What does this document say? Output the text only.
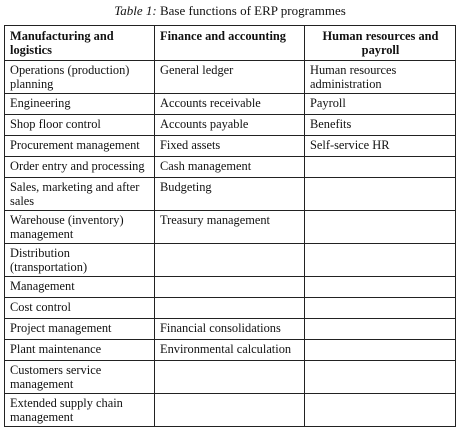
Table 1: Base functions of ERP programmes
Manufacturing and logistics	Finance and accounting	Human resources and payroll
Operations (production) planning	General ledger	Human resources administration
Engineering	Accounts receivable	Payroll
Shop floor control	Accounts payable	Benefits
Procurement management	Fixed assets	Self-service HR
Order entry and processing	Cash management	
Sales, marketing and after sales	Budgeting	
Warehouse (inventory) management	Treasury management	
Distribution (transportation)		
Management		
Cost control		
Project management	Financial consolidations	
Plant maintenance	Environmental calculation	
Customers service management		
Extended supply chain management		
